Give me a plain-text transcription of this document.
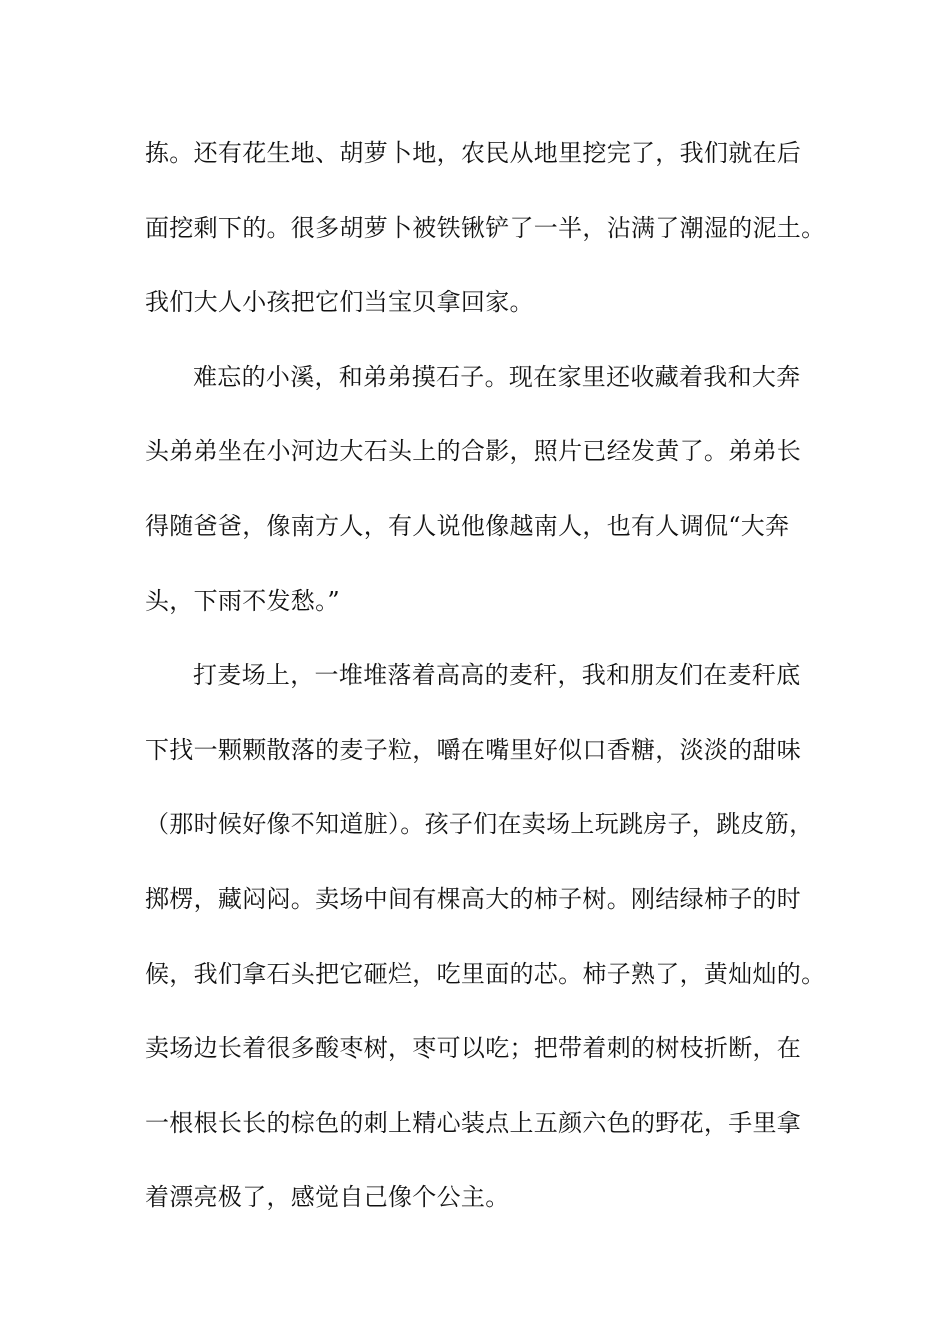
拣。还有花生地、胡萝卜地，农民从地里挖完了，我们就在后
面挖剩下的。很多胡萝卜被铁锹铲了一半，沾满了潮湿的泥土。
我们大人小孩把它们当宝贝拿回家。
难忘的小溪，和弟弟摸石子。现在家里还收藏着我和大奔
头弟弟坐在小河边大石头上的合影，照片已经发黄了。弟弟长
得随爸爸，像南方人，有人说他像越南人，也有人调侃“大奔
头，下雨不发愁。”
打麦场上，一堆堆落着高高的麦秆，我和朋友们在麦秆底
下找一颗颗散落的麦子粒，嚼在嘴里好似口香糖，淡淡的甜味
（那时候好像不知道脏）。孩子们在卖场上玩跳房子，跳皮筋，
掷楞，藏闷闷。卖场中间有棵高大的柿子树。刚结绿柿子的时
候，我们拿石头把它砸烂，吃里面的芯。柿子熟了，黄灿灿的。
卖场边长着很多酸枣树，枣可以吃；把带着刺的树枝折断，在
一根根长长的棕色的刺上精心装点上五颜六色的野花，手里拿
着漂亮极了，感觉自己像个公主。
